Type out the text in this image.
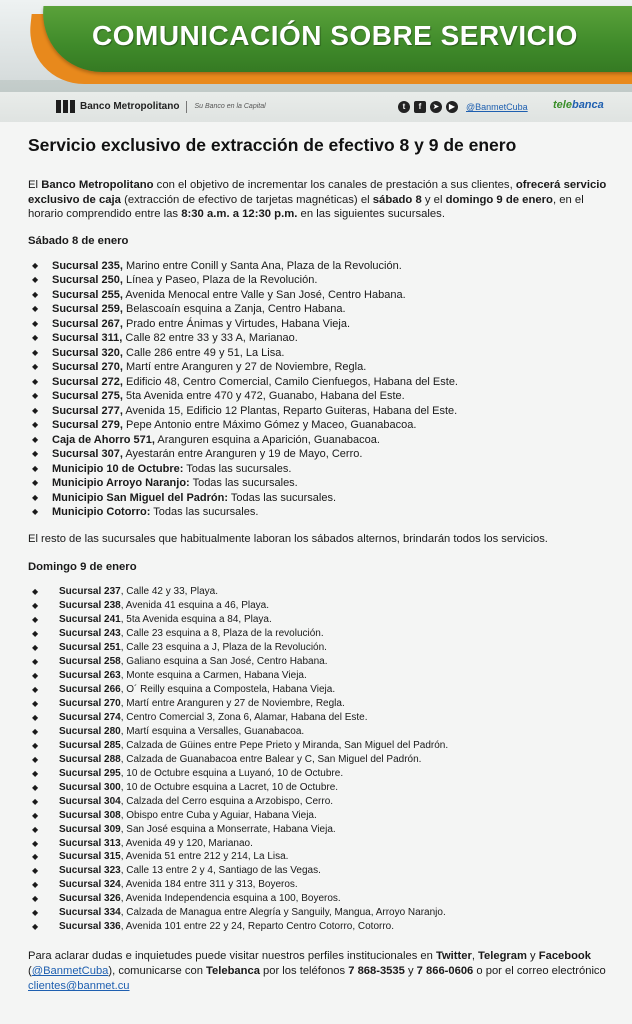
COMUNICACIÓN SOBRE SERVICIO
Banco Metropolitano Su Banco en la Capital	t	f	➤	▶	@BanmetCuba telebanca
Servicio exclusivo de extracción de efectivo 8 y 9 de enero
El Banco Metropolitano con el objetivo de incrementar los canales de prestación a sus clientes, ofrecerá servicio exclusivo de caja (extracción de efectivo de tarjetas magnéticas) el sábado 8 y el domingo 9 de enero, en el horario comprendido entre las 8:30 a.m. a 12:30 p.m. en las siguientes sucursales.
Sábado 8 de enero
◆ Sucursal 235, Marino entre Conill y Santa Ana, Plaza de la Revolución.
◆ Sucursal 250, Línea y Paseo, Plaza de la Revolución.
◆ Sucursal 255, Avenida Menocal entre Valle y San José, Centro Habana.
◆ Sucursal 259, Belascoaín esquina a Zanja, Centro Habana.
◆ Sucursal 267, Prado entre Ánimas y Virtudes, Habana Vieja.
◆ Sucursal 311, Calle 82 entre 33 y 33 A, Marianao.
◆ Sucursal 320, Calle 286 entre 49 y 51, La Lisa.
◆ Sucursal 270, Martí entre Aranguren y 27 de Noviembre, Regla.
◆ Sucursal 272, Edificio 48, Centro Comercial, Camilo Cienfuegos, Habana del Este.
◆ Sucursal 275, 5ta Avenida entre 470 y 472, Guanabo, Habana del Este.
◆ Sucursal 277, Avenida 15, Edificio 12 Plantas, Reparto Guiteras, Habana del Este.
◆ Sucursal 279, Pepe Antonio entre Máximo Gómez y Maceo, Guanabacoa.
◆ Caja de Ahorro 571, Aranguren esquina a Aparición, Guanabacoa.
◆ Sucursal 307, Ayestarán entre Aranguren y 19 de Mayo, Cerro.
◆ Municipio 10 de Octubre: Todas las sucursales.
◆ Municipio Arroyo Naranjo: Todas las sucursales.
◆ Municipio San Miguel del Padrón: Todas las sucursales.
◆ Municipio Cotorro: Todas las sucursales.
El resto de las sucursales que habitualmente laboran los sábados alternos, brindarán todos los servicios.
Domingo 9 de enero
◆ Sucursal 237, Calle 42 y 33, Playa.
◆ Sucursal 238, Avenida 41 esquina a 46, Playa.
◆ Sucursal 241, 5ta Avenida esquina a 84, Playa.
◆ Sucursal 243, Calle 23 esquina a 8, Plaza de la revolución.
◆ Sucursal 251, Calle 23 esquina a J, Plaza de la Revolución.
◆ Sucursal 258, Galiano esquina a San José, Centro Habana.
◆ Sucursal 263, Monte esquina a Carmen, Habana Vieja.
◆ Sucursal 266, O´ Reilly esquina a Compostela, Habana Vieja.
◆ Sucursal 270, Martí entre Aranguren y 27 de Noviembre, Regla.
◆ Sucursal 274, Centro Comercial 3, Zona 6, Alamar, Habana del Este.
◆ Sucursal 280, Martí esquina a Versalles, Guanabacoa.
◆ Sucursal 285, Calzada de Güines entre Pepe Prieto y Miranda, San Miguel del Padrón.
◆ Sucursal 288, Calzada de Guanabacoa entre Balear y C, San Miguel del Padrón.
◆ Sucursal 295, 10 de Octubre esquina a Luyanó, 10 de Octubre.
◆ Sucursal 300, 10 de Octubre esquina a Lacret, 10 de Octubre.
◆ Sucursal 304, Calzada del Cerro esquina a Arzobispo, Cerro.
◆ Sucursal 308, Obispo entre Cuba y Aguiar, Habana Vieja.
◆ Sucursal 309, San José esquina a Monserrate, Habana Vieja.
◆ Sucursal 313, Avenida 49 y 120, Marianao.
◆ Sucursal 315, Avenida 51 entre 212 y 214, La Lisa.
◆ Sucursal 323, Calle 13 entre 2 y 4, Santiago de las Vegas.
◆ Sucursal 324, Avenida 184 entre 311 y 313, Boyeros.
◆ Sucursal 326, Avenida Independencia esquina a 100, Boyeros.
◆ Sucursal 334, Calzada de Managua entre Alegría y Sanguily, Mangua, Arroyo Naranjo.
◆ Sucursal 336, Avenida 101 entre 22 y 24, Reparto Centro Cotorro, Cotorro.
Para aclarar dudas e inquietudes puede visitar nuestros perfiles institucionales en Twitter, Telegram y Facebook (@BanmetCuba), comunicarse con Telebanca por los teléfonos 7 868-3535 y 7 866-0606 o por el correo electrónico clientes@banmet.cu
